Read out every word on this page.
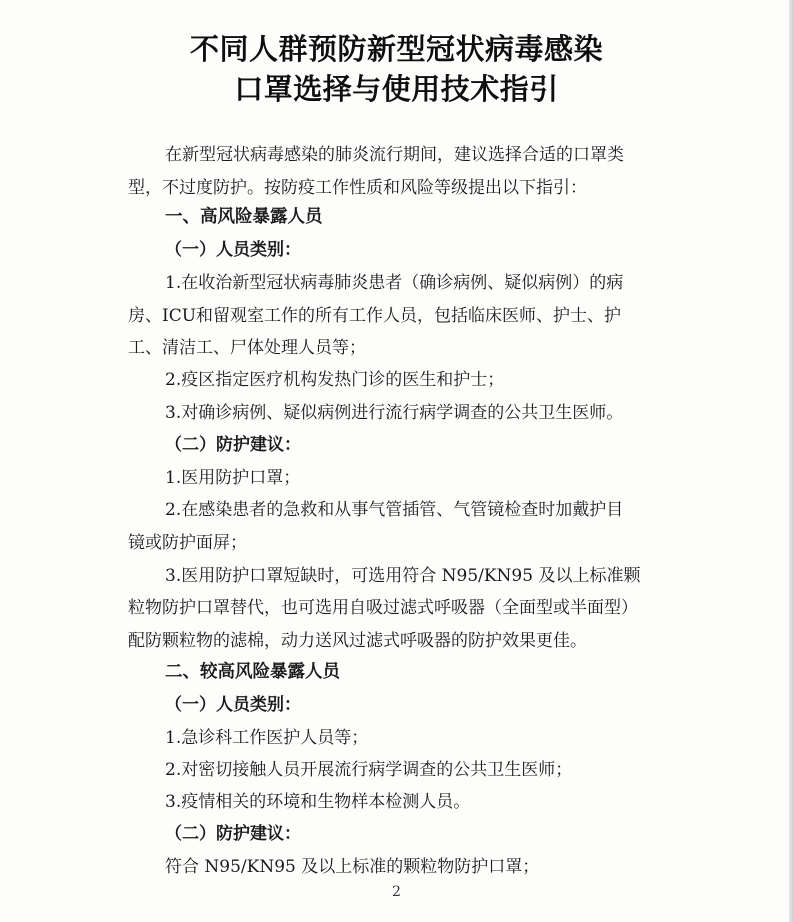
不同人群预防新型冠状病毒感染
口罩选择与使用技术指引
在新型冠状病毒感染的肺炎流行期间，建议选择合适的口罩类
型，不过度防护。按防疫工作性质和风险等级提出以下指引：
一、高风险暴露人员
（一）人员类别：
1.在收治新型冠状病毒肺炎患者（确诊病例、疑似病例）的病
房、ICU和留观室工作的所有工作人员，包括临床医师、护士、护
工、清洁工、尸体处理人员等；
2.疫区指定医疗机构发热门诊的医生和护士；
3.对确诊病例、疑似病例进行流行病学调查的公共卫生医师。
（二）防护建议：
1.医用防护口罩；
2.在感染患者的急救和从事气管插管、气管镜检查时加戴护目
镜或防护面屏；
3.医用防护口罩短缺时，可选用符合 N95/KN95 及以上标准颗
粒物防护口罩替代，也可选用自吸过滤式呼吸器（全面型或半面型）
配防颗粒物的滤棉，动力送风过滤式呼吸器的防护效果更佳。
二、较高风险暴露人员
（一）人员类别：
1.急诊科工作医护人员等；
2.对密切接触人员开展流行病学调查的公共卫生医师；
3.疫情相关的环境和生物样本检测人员。
（二）防护建议：
符合 N95/KN95 及以上标准的颗粒物防护口罩；
2
